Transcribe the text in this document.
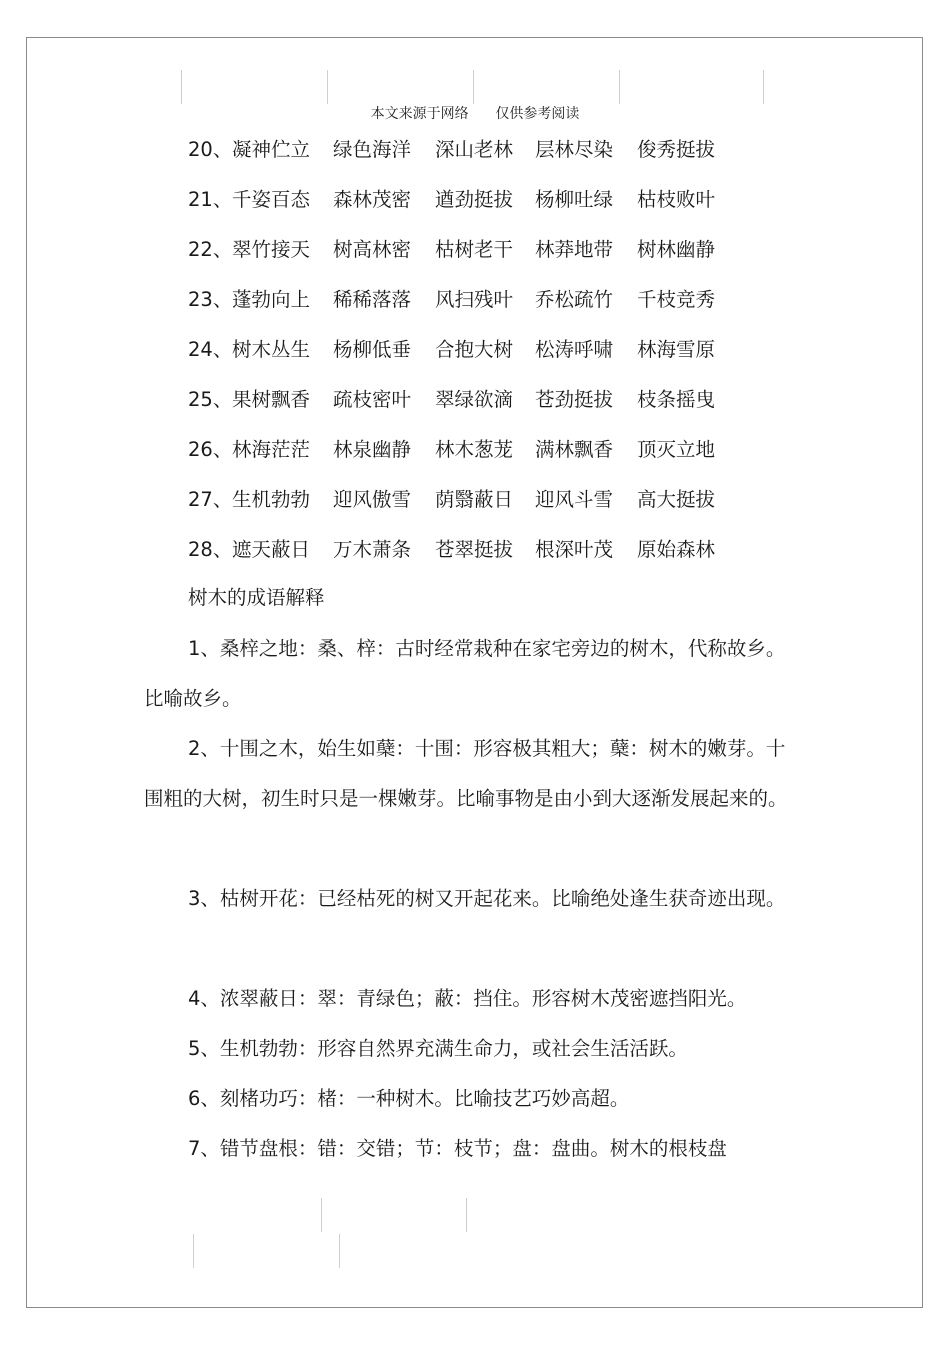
本文来源于网络      仅供参考阅读
20、 凝神伫立 绿色海洋 深山老林 层林尽染 俊秀挺拔
21、 千姿百态 森林茂密 遒劲挺拔 杨柳吐绿 枯枝败叶
22、 翠竹接天 树高林密 枯树老干 林莽地带 树林幽静
23、 蓬勃向上 稀稀落落 风扫残叶 乔松疏竹 千枝竞秀
24、 树木丛生 杨柳低垂 合抱大树 松涛呼啸 林海雪原
25、 果树飘香 疏枝密叶 翠绿欲滴 苍劲挺拔 枝条摇曳
26、 林海茫茫 林泉幽静 林木葱茏 满林飘香 顶灭立地
27、 生机勃勃 迎风傲雪 荫翳蔽日 迎风斗雪 高大挺拔
28、 遮天蔽日 万木萧条 苍翠挺拔 根深叶茂 原始森林
树木的成语解释

1、桑梓之地：桑、梓：古时经常栽种在家宅旁边的树木，代称故乡。比喻故乡。

2、十围之木，始生如蘖：十围：形容极其粗大；蘖：树木的嫩芽。十围粗的大树，初生时只是一棵嫩芽。比喻事物是由小到大逐渐发展起来的。

3、枯树开花：已经枯死的树又开起花来。比喻绝处逢生获奇迹出现。

4、浓翠蔽日：翠：青绿色；蔽：挡住。形容树木茂密遮挡阳光。

5、生机勃勃：形容自然界充满生命力，或社会生活活跃。

6、刻楮功巧：楮：一种树木。比喻技艺巧妙高超。

7、错节盘根：错：交错；节：枝节；盘：盘曲。树木的根枝盘
